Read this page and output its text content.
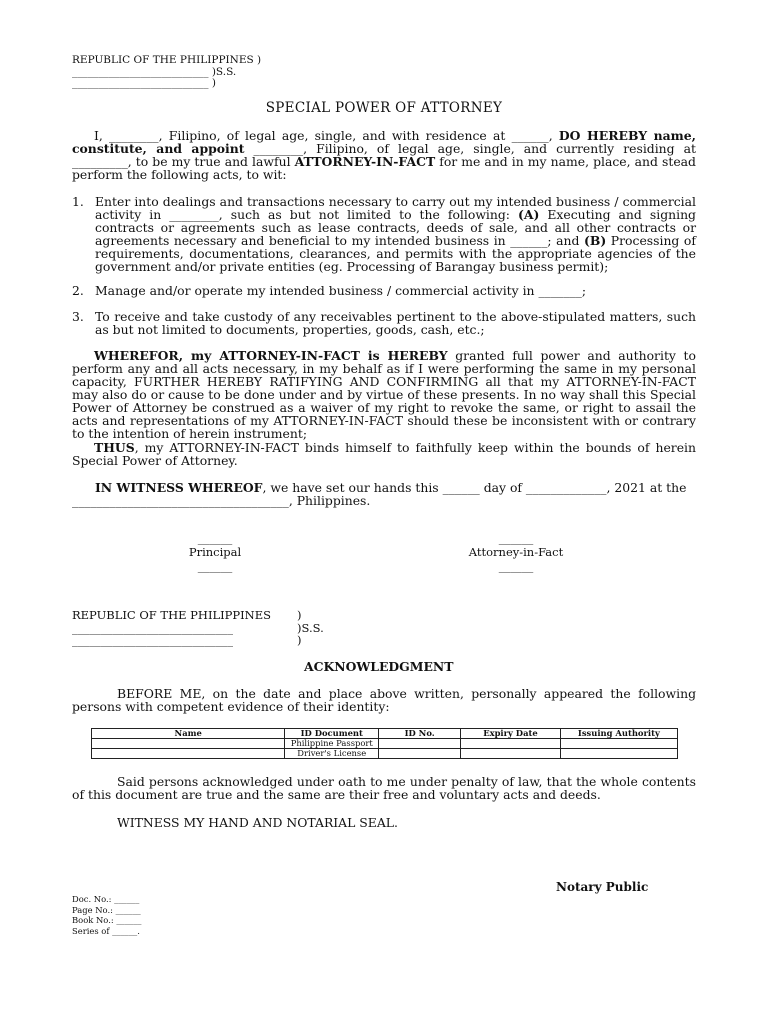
REPUBLIC OF THE PHILIPPINES )
__________________________ )S.S.
__________________________ )
SPECIAL POWER OF ATTORNEY
I, ________, Filipino, of legal age, single, and with residence at ______, DO HEREBY name, constitute, and appoint ________, Filipino, of legal age, single, and currently residing at _________, to be my true and lawful ATTORNEY-IN-FACT for me and in my name, place, and stead perform the following acts, to wit:
1. Enter into dealings and transactions necessary to carry out my intended business / commercial activity in ________, such as but not limited to the following: (A) Executing and signing contracts or agreements such as lease contracts, deeds of sale, and all other contracts or agreements necessary and beneficial to my intended business in ______; and (B) Processing of requirements, documentations, clearances, and permits with the appropriate agencies of the government and/or private entities (eg. Processing of Barangay business permit);
2. Manage and/or operate my intended business / commercial activity in _______;
3. To receive and take custody of any receivables pertinent to the above-stipulated matters, such as but not limited to documents, properties, goods, cash, etc.;
WHEREFOR, my ATTORNEY-IN-FACT is HEREBY granted full power and authority to perform any and all acts necessary, in my behalf as if I were performing the same in my personal capacity, FURTHER HEREBY RATIFYING AND CONFIRMING all that my ATTORNEY-IN-FACT may also do or cause to be done under and by virtue of these presents. In no way shall this Special Power of Attorney be construed as a waiver of my right to revoke the same, or right to assail the acts and representations of my ATTORNEY-IN-FACT should these be inconsistent with or contrary to the intention of herein instrument;
THUS, my ATTORNEY-IN-FACT binds himself to faithfully keep within the bounds of herein Special Power of Attorney.
IN WITNESS WHEREOF, we have set our hands this ______ day of _____________, 2021 at the
___________________________________, Philippines.
______
Principal
______
______
Attorney-in-Fact
______
REPUBLIC OF THE PHILIPPINES
____________________________
____________________________
)
)S.S.
)
ACKNOWLEDGMENT
BEFORE ME, on the date and place above written, personally appeared the following persons with competent evidence of their identity:
Name	ID Document	ID No.	Expiry Date	Issuing Authority
	Philippine Passport			
	Driver's License			
Said persons acknowledged under oath to me under penalty of law, that the whole contents of this document are true and the same are their free and voluntary acts and deeds.
WITNESS MY HAND AND NOTARIAL SEAL.
Notary Public
Doc. No.: ______
Page No.: ______
Book No.: ______
Series of ______.
